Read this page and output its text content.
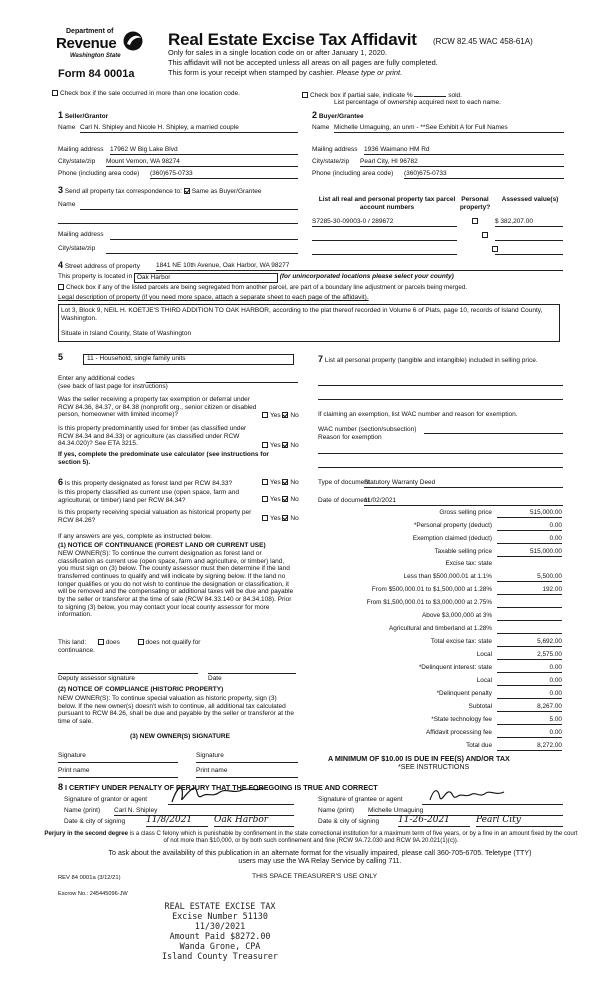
Department of
Revenue
Washington State
Form 84 0001a
Real Estate Excise Tax Affidavit (RCW 82.45 WAC 458-61A)
Only for sales in a single location code on or after January 1, 2020.
This affidavit will not be accepted unless all areas on all pages are fully completed.
This form is your receipt when stamped by cashier. Please type or print.
Check box if the sale occurred in more than one location code.	Check box if partial sale, indicate %	sold.
List percentage of ownership acquired next to each name.
1 Seller/Grantor
Name Carl N. Shipley and Nicole H. Shipley, a married couple
Mailing address 17962 W Big Lake Blvd
City/state/zip Mount Vernon, WA 98274
Phone (including area code) (360)675-0733
2 Buyer/Grantee
Name Michelle Umaguing, an unm - **See Exhibit A for Full Names
Mailing address 1936 Waimano HM Rd
City/state/zip Pearl City, HI 96782
Phone (including area code) (360)675-0733
3 Send all property tax correspondence to: Same as Buyer/Grantee
Name
Mailing address
City/state/zip
List all real and personal property tax parcel account numbers
Personal property?
Assessed value(s)
S7285-30-09003-0 / 289672
	$ 382,207.00

4 Street address of property 1841 NE 10th Avenue, Oak Harbor, WA 98277
This property is located in Oak Harbor	(for unincorporated locations please select your county)
Check box if any of the listed parcels are being segregated from another parcel, are part of a boundary line adjustment or parcels being merged.
Legal description of property (if you need more space, attach a separate sheet to each page of the affidavit).
Lot 3, Block 9, NEIL H. KOETJE'S THIRD ADDITION TO OAK HARBOR, according to the plat thereof recorded in Volume 6 of Plats, page 10, records of Island County, Washington.
Situate in Island County, State of Washington
5	11 - Household, single family units
Enter any additional codes
(see back of last page for instructions)
Was the seller receiving a property tax exemption or deferral under RCW 84.36, 84.37, or 84.38 (nonprofit org., senior citizen or disabled person, homeowner with limited income)?	Yes No
Is this property predominantly used for timber (as classified under RCW 84.34 and 84.33) or agriculture (as classified under RCW 84.34.020)? See ETA 3215.	Yes No
If yes, complete the predominate use calculator (see instructions for section 5).
6 Is this property designated as forest land per RCW 84.33?	Yes No
Is this property classified as current use (open space, farm and agricultural, or timber) land per RCW 84.34?	Yes No
Is this property receiving special valuation as historical property per RCW 84.26?	Yes No
If any answers are yes, complete as instructed below.
(1) NOTICE OF CONTINUANCE (FOREST LAND OR CURRENT USE)
NEW OWNER(S): To continue the current designation as forest land or classification as current use (open space, farm and agriculture, or timber) land, you must sign on (3) below. The county assessor must then determine if the land transferred continues to qualify and will indicate by signing below. If the land no longer qualifies or you do not wish to continue the designation or classification, it will be removed and the compensating or additional taxes will be due and payable by the seller or transferor at the time of sale (RCW 84.33.140 or 84.34.108). Prior to signing (3) below, you may contact your local county assessor for more information.
This land:	does	does not qualify for
continuance.
Deputy assessor signature	Date
(2) NOTICE OF COMPLIANCE (HISTORIC PROPERTY)
NEW OWNER(S): To continue special valuation as historic property, sign (3) below. If the new owner(s) doesn't wish to continue, all additional tax calculated pursuant to RCW 84.26, shall be due and payable by the seller or transferor at the time of sale.
(3) NEW OWNER(S) SIGNATURE
Signature	Signature
Print name	Print name
7 List all personal property (tangible and intangible) included in selling price.
If claiming an exemption, list WAC number and reason for exemption.
WAC number (section/subsection)
Reason for exemption
Type of document
Statutory Warranty Deed
Date of document
11/02/2021
Gross selling price	515,000.00
*Personal property (deduct)	0.00
Exemption claimed (deduct)	0.00
Taxable selling price	515,000.00
Excise tax: state
Less than $500,000.01 at 1.1%	5,500.00
From $500,000.01 to $1,500,000 at 1.28%	192.00
From $1,500,000.01 to $3,000,000 at 2.75%
Above $3,000,000 at 3%
Agricultural and timberland at 1.28%
Total excise tax: state	5,692.00
Local	2,575.00
*Delinquent interest: state	0.00
Local	0.00
*Delinquent penalty	0.00
Subtotal	8,267.00
*State technology fee	5.00
Affidavit processing fee	0.00
Total due	8,272.00
A MINIMUM OF $10.00 IS DUE IN FEE(S) AND/OR TAX
*SEE INSTRUCTIONS
8 I CERTIFY UNDER PENALTY OF PERJURY THAT THE FOREGOING IS TRUE AND CORRECT
Signature of grantor or agent
Name (print) Carl N. Shipley
Date & city of signing 11/8/2021	Oak Harbor
Signature of grantee or agent
Name (print) Michelle Umaguing
Date & city of signing 11-26-2021	Pearl City
Perjury in the second degree is a class C felony which is punishable by confinement in the state correctional institution for a maximum term of five years, or by a fine in an amount fixed by the court of not more than $10,000, or by both such confinement and fine (RCW 9A.72.030 and RCW 9A.20.021(1)(c)).
To ask about the availability of this publication in an alternate format for the visually impaired, please call 360-705-6705. Teletype (TTY) users may use the WA Relay Service by calling 711.
REV 84 0001a (3/12/21)	THIS SPACE TREASURER'S USE ONLY
Escrow No.: 245445096-JW
REAL ESTATE EXCISE TAX
Excise Number 51130
11/30/2021
Amount Paid $8272.00
Wanda Grone, CPA
Island County Treasurer
